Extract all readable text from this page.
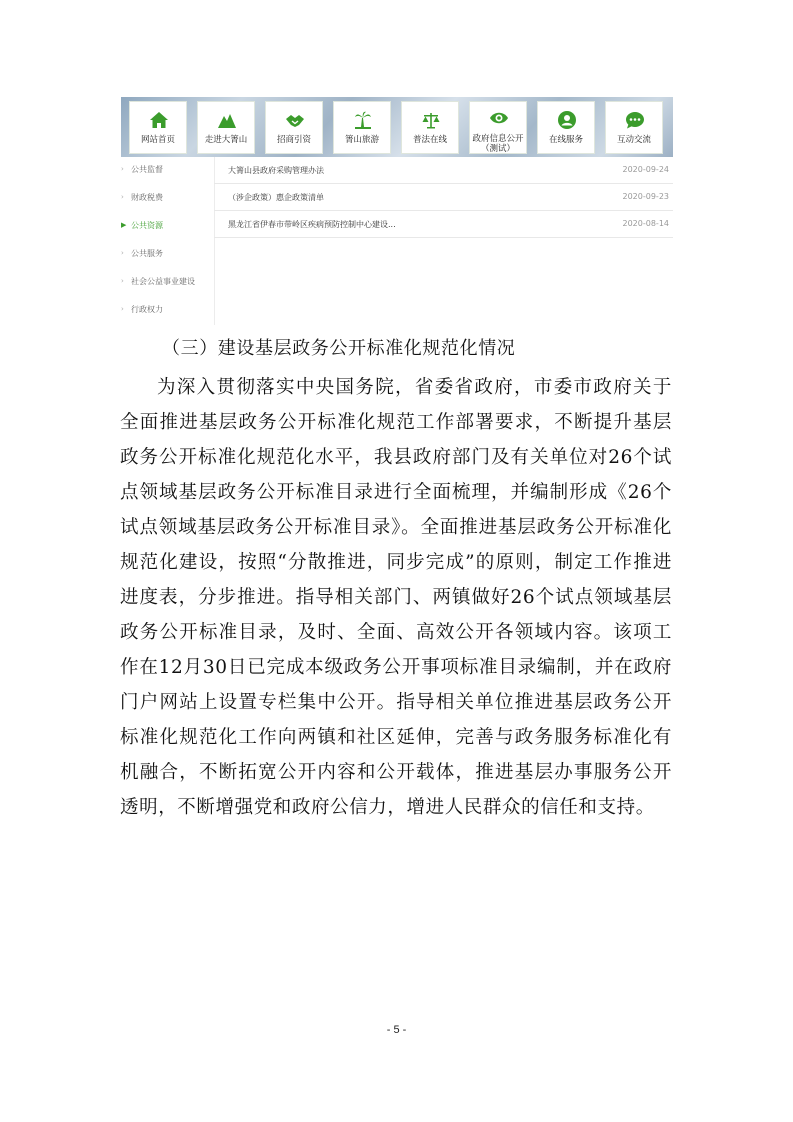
网站首页	走进大箐山	招商引资	箐山旅游	普法在线	政府信息公开
（测试）
在线服务	互动交流
› 公共监督
› 财政税费
▶ 公共资源
› 公共服务
› 社会公益事业建设
› 行政权力
大箐山县政府采购管理办法	2020-09-24
（涉企政策）惠企政策清单	2020-09-23
黑龙江省伊春市带岭区疾病预防控制中心建设...	2020-08-14
（三）建设基层政务公开标准化规范化情况

为深入贯彻落实中央国务院，省委省政府，市委市政府关于全面推进基层政务公开标准化规范工作部署要求，不断提升基层政务公开标准化规范化水平，我县政府部门及有关单位对26个试点领域基层政务公开标准目录进行全面梳理，并编制形成《26个试点领域基层政务公开标准目录》。全面推进基层政务公开标准化规范化建设，按照“分散推进，同步完成”的原则，制定工作推进进度表，分步推进。指导相关部门、两镇做好26个试点领域基层政务公开标准目录，及时、全面、高效公开各领域内容。该项工作在12月30日已完成本级政务公开事项标准目录编制，并在政府门户网站上设置专栏集中公开。指导相关单位推进基层政务公开标准化规范化工作向两镇和社区延伸，完善与政务服务标准化有机融合，不断拓宽公开内容和公开载体，推进基层办事服务公开透明，不断增强党和政府公信力，增进人民群众的信任和支持。

- 5 -
